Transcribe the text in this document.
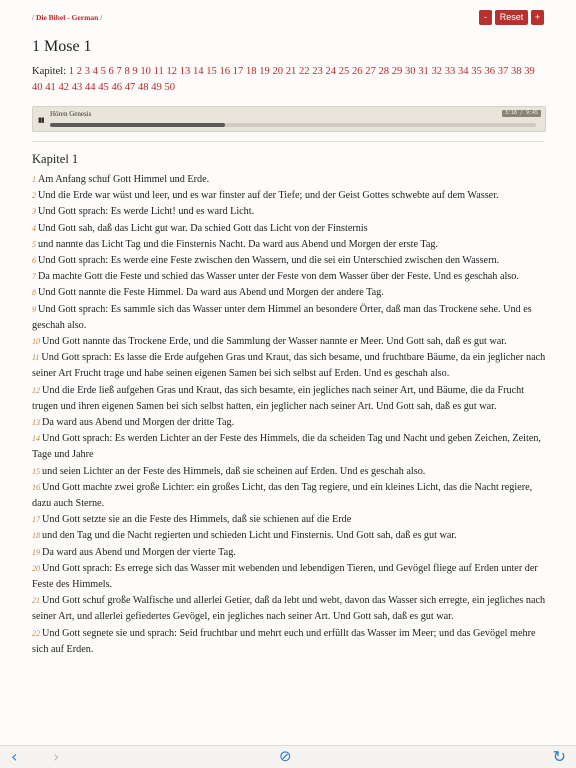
/ Die Bibel - German /	-	Reset	+
1 Mose 1
Kapitel: 1 2 3 4 5 6 7 8 9 10 11 12 13 14 15 16 17 18 19 20 21 22 23 24 25 26 27 28 29 30 31 32 33 34 35 36 37 38 39 40 41 42 43 44 45 46 47 48 49 50
▮▮
Hören Genesis	3:18 / 9:45
Kapitel 1

1 Am Anfang schuf Gott Himmel und Erde.

2 Und die Erde war wüst und leer, und es war finster auf der Tiefe; und der Geist Gottes schwebte auf dem Wasser.

3 Und Gott sprach: Es werde Licht! und es ward Licht.

4 Und Gott sah, daß das Licht gut war. Da schied Gott das Licht von der Finsternis

5 und nannte das Licht Tag und die Finsternis Nacht. Da ward aus Abend und Morgen der erste Tag.

6 Und Gott sprach: Es werde eine Feste zwischen den Wassern, und die sei ein Unterschied zwischen den Wassern.

7 Da machte Gott die Feste und schied das Wasser unter der Feste von dem Wasser über der Feste. Und es geschah also.

8 Und Gott nannte die Feste Himmel. Da ward aus Abend und Morgen der andere Tag.

9 Und Gott sprach: Es sammle sich das Wasser unter dem Himmel an besondere Örter, daß man das Trockene sehe. Und es geschah also.

10 Und Gott nannte das Trockene Erde, und die Sammlung der Wasser nannte er Meer. Und Gott sah, daß es gut war.

11 Und Gott sprach: Es lasse die Erde aufgehen Gras und Kraut, das sich besame, und fruchtbare Bäume, da ein jeglicher nach seiner Art Frucht trage und habe seinen eigenen Samen bei sich selbst auf Erden. Und es geschah also.

12 Und die Erde ließ aufgehen Gras und Kraut, das sich besamte, ein jegliches nach seiner Art, und Bäume, die da Frucht trugen und ihren eigenen Samen bei sich selbst hatten, ein jeglicher nach seiner Art. Und Gott sah, daß es gut war.

13 Da ward aus Abend und Morgen der dritte Tag.

14 Und Gott sprach: Es werden Lichter an der Feste des Himmels, die da scheiden Tag und Nacht und geben Zeichen, Zeiten, Tage und Jahre

15 und seien Lichter an der Feste des Himmels, daß sie scheinen auf Erden. Und es geschah also.

16 Und Gott machte zwei große Lichter: ein großes Licht, das den Tag regiere, und ein kleines Licht, das die Nacht regiere, dazu auch Sterne.

17 Und Gott setzte sie an die Feste des Himmels, daß sie schienen auf die Erde

18 und den Tag und die Nacht regierten und schieden Licht und Finsternis. Und Gott sah, daß es gut war.

19 Da ward aus Abend und Morgen der vierte Tag.

20 Und Gott sprach: Es errege sich das Wasser mit webenden und lebendigen Tieren, und Gevögel fliege auf Erden unter der Feste des Himmels.

21 Und Gott schuf große Walfische und allerlei Getier, daß da lebt und webt, davon das Wasser sich erregte, ein jegliches nach seiner Art, und allerlei gefiedertes Gevögel, ein jegliches nach seiner Art. Und Gott sah, daß es gut war.

22 Und Gott segnete sie und sprach: Seid fruchtbar und mehrt euch und erfüllt das Wasser im Meer; und das Gevögel mehre sich auf Erden.

‹ ›	⊘	↻
